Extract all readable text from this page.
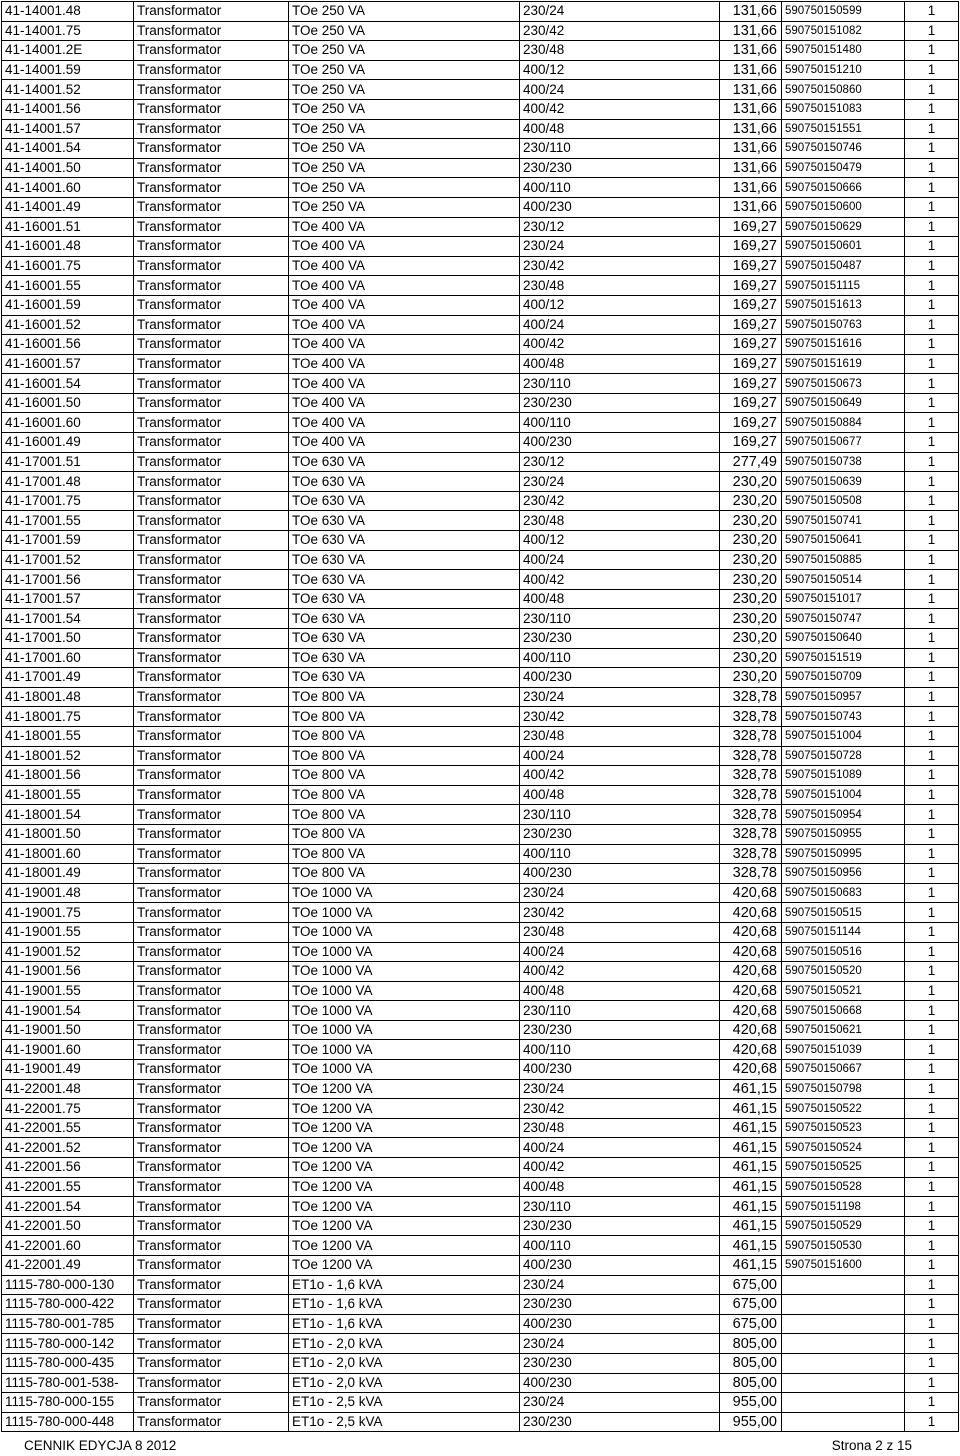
41-14001.48	Transformator	TOe 250 VA	230/24	131,66	590750150599	1
41-14001.75	Transformator	TOe 250 VA	230/42	131,66	590750151082	1
41-14001.2E	Transformator	TOe 250 VA	230/48	131,66	590750151480	1
41-14001.59	Transformator	TOe 250 VA	400/12	131,66	590750151210	1
41-14001.52	Transformator	TOe 250 VA	400/24	131,66	590750150860	1
41-14001.56	Transformator	TOe 250 VA	400/42	131,66	590750151083	1
41-14001.57	Transformator	TOe 250 VA	400/48	131,66	590750151551	1
41-14001.54	Transformator	TOe 250 VA	230/110	131,66	590750150746	1
41-14001.50	Transformator	TOe 250 VA	230/230	131,66	590750150479	1
41-14001.60	Transformator	TOe 250 VA	400/110	131,66	590750150666	1
41-14001.49	Transformator	TOe 250 VA	400/230	131,66	590750150600	1
41-16001.51	Transformator	TOe 400 VA	230/12	169,27	590750150629	1
41-16001.48	Transformator	TOe 400 VA	230/24	169,27	590750150601	1
41-16001.75	Transformator	TOe 400 VA	230/42	169,27	590750150487	1
41-16001.55	Transformator	TOe 400 VA	230/48	169,27	590750151115	1
41-16001.59	Transformator	TOe 400 VA	400/12	169,27	590750151613	1
41-16001.52	Transformator	TOe 400 VA	400/24	169,27	590750150763	1
41-16001.56	Transformator	TOe 400 VA	400/42	169,27	590750151616	1
41-16001.57	Transformator	TOe 400 VA	400/48	169,27	590750151619	1
41-16001.54	Transformator	TOe 400 VA	230/110	169,27	590750150673	1
41-16001.50	Transformator	TOe 400 VA	230/230	169,27	590750150649	1
41-16001.60	Transformator	TOe 400 VA	400/110	169,27	590750150884	1
41-16001.49	Transformator	TOe 400 VA	400/230	169,27	590750150677	1
41-17001.51	Transformator	TOe 630 VA	230/12	277,49	590750150738	1
41-17001.48	Transformator	TOe 630 VA	230/24	230,20	590750150639	1
41-17001.75	Transformator	TOe 630 VA	230/42	230,20	590750150508	1
41-17001.55	Transformator	TOe 630 VA	230/48	230,20	590750150741	1
41-17001.59	Transformator	TOe 630 VA	400/12	230,20	590750150641	1
41-17001.52	Transformator	TOe 630 VA	400/24	230,20	590750150885	1
41-17001.56	Transformator	TOe 630 VA	400/42	230,20	590750150514	1
41-17001.57	Transformator	TOe 630 VA	400/48	230,20	590750151017	1
41-17001.54	Transformator	TOe 630 VA	230/110	230,20	590750150747	1
41-17001.50	Transformator	TOe 630 VA	230/230	230,20	590750150640	1
41-17001.60	Transformator	TOe 630 VA	400/110	230,20	590750151519	1
41-17001.49	Transformator	TOe 630 VA	400/230	230,20	590750150709	1
41-18001.48	Transformator	TOe 800 VA	230/24	328,78	590750150957	1
41-18001.75	Transformator	TOe 800 VA	230/42	328,78	590750150743	1
41-18001.55	Transformator	TOe 800 VA	230/48	328,78	590750151004	1
41-18001.52	Transformator	TOe 800 VA	400/24	328,78	590750150728	1
41-18001.56	Transformator	TOe 800 VA	400/42	328,78	590750151089	1
41-18001.55	Transformator	TOe 800 VA	400/48	328,78	590750151004	1
41-18001.54	Transformator	TOe 800 VA	230/110	328,78	590750150954	1
41-18001.50	Transformator	TOe 800 VA	230/230	328,78	590750150955	1
41-18001.60	Transformator	TOe 800 VA	400/110	328,78	590750150995	1
41-18001.49	Transformator	TOe 800 VA	400/230	328,78	590750150956	1
41-19001.48	Transformator	TOe 1000 VA	230/24	420,68	590750150683	1
41-19001.75	Transformator	TOe 1000 VA	230/42	420,68	590750150515	1
41-19001.55	Transformator	TOe 1000 VA	230/48	420,68	590750151144	1
41-19001.52	Transformator	TOe 1000 VA	400/24	420,68	590750150516	1
41-19001.56	Transformator	TOe 1000 VA	400/42	420,68	590750150520	1
41-19001.55	Transformator	TOe 1000 VA	400/48	420,68	590750150521	1
41-19001.54	Transformator	TOe 1000 VA	230/110	420,68	590750150668	1
41-19001.50	Transformator	TOe 1000 VA	230/230	420,68	590750150621	1
41-19001.60	Transformator	TOe 1000 VA	400/110	420,68	590750151039	1
41-19001.49	Transformator	TOe 1000 VA	400/230	420,68	590750150667	1
41-22001.48	Transformator	TOe 1200 VA	230/24	461,15	590750150798	1
41-22001.75	Transformator	TOe 1200 VA	230/42	461,15	590750150522	1
41-22001.55	Transformator	TOe 1200 VA	230/48	461,15	590750150523	1
41-22001.52	Transformator	TOe 1200 VA	400/24	461,15	590750150524	1
41-22001.56	Transformator	TOe 1200 VA	400/42	461,15	590750150525	1
41-22001.55	Transformator	TOe 1200 VA	400/48	461,15	590750150528	1
41-22001.54	Transformator	TOe 1200 VA	230/110	461,15	590750151198	1
41-22001.50	Transformator	TOe 1200 VA	230/230	461,15	590750150529	1
41-22001.60	Transformator	TOe 1200 VA	400/110	461,15	590750150530	1
41-22001.49	Transformator	TOe 1200 VA	400/230	461,15	590750151600	1
1115-780-000-130	Transformator	ET1o - 1,6 kVA	230/24	675,00		1
1115-780-000-422	Transformator	ET1o - 1,6 kVA	230/230	675,00		1
1115-780-001-785	Transformator	ET1o - 1,6 kVA	400/230	675,00		1
1115-780-000-142	Transformator	ET1o - 2,0 kVA	230/24	805,00		1
1115-780-000-435	Transformator	ET1o - 2,0 kVA	230/230	805,00		1
1115-780-001-538-	Transformator	ET1o - 2,0 kVA	400/230	805,00		1
1115-780-000-155	Transformator	ET1o - 2,5 kVA	230/24	955,00		1
1115-780-000-448	Transformator	ET1o - 2,5 kVA	230/230	955,00		1
CENNIK EDYCJA 8 2012	Strona 2 z 15
